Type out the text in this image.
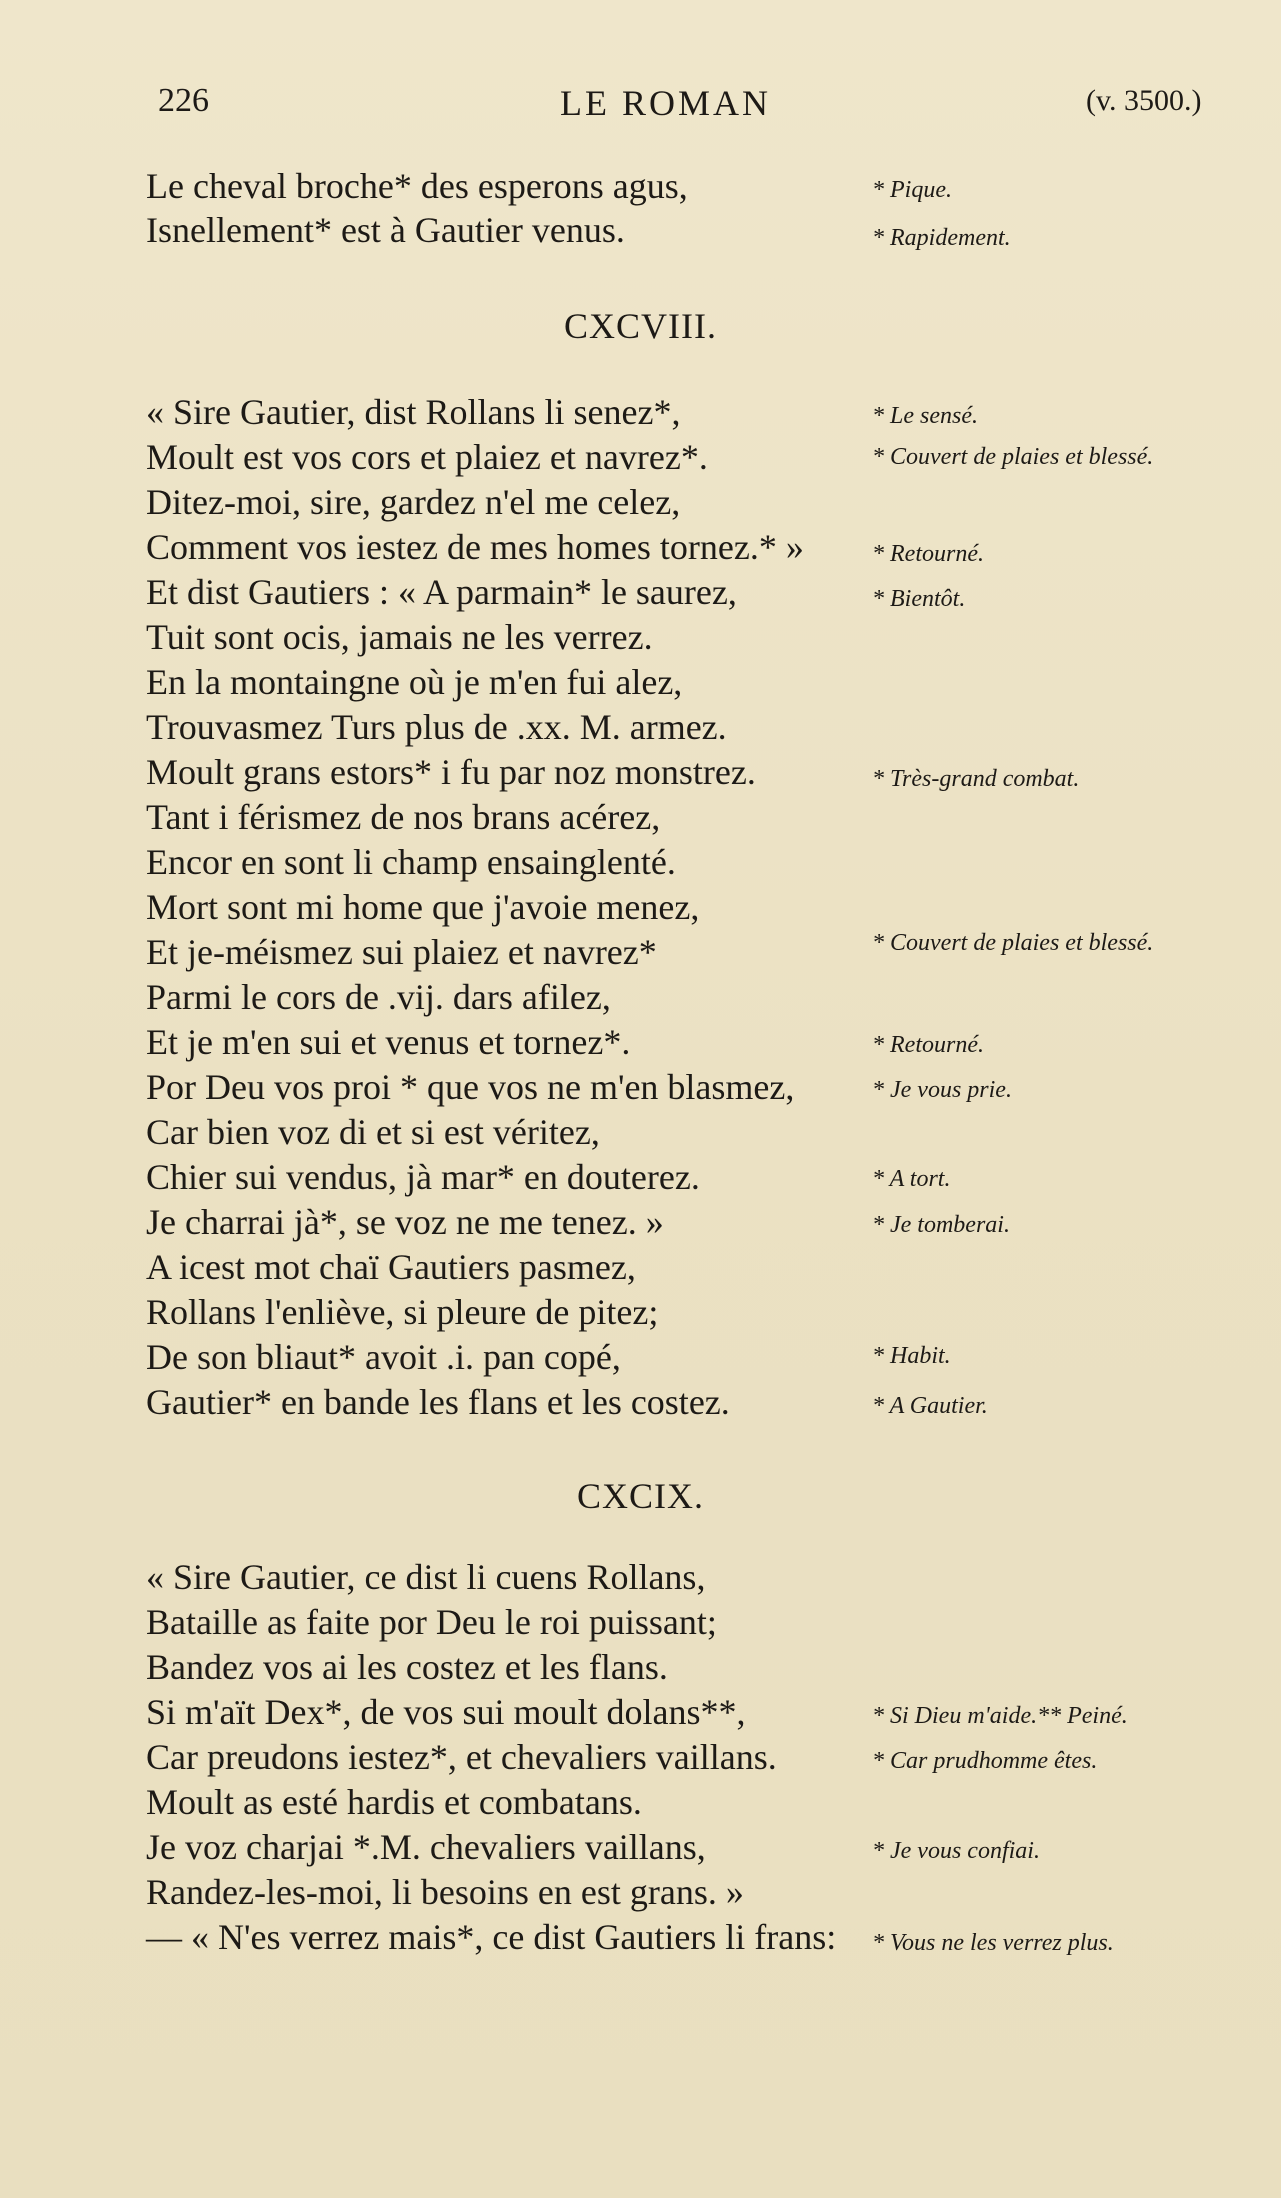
226	LE ROMAN	(v. 3500.)
Le cheval broche* des esperons agus,
Isnellement* est à Gautier venus.
CXCVIII.
« Sire Gautier, dist Rollans li senez*,
Moult est vos cors et plaiez et navrez*.
Ditez-moi, sire, gardez n'el me celez,
Comment vos iestez de mes homes tornez.* »
Et dist Gautiers : « A parmain* le saurez,
Tuit sont ocis, jamais ne les verrez.
En la montaingne où je m'en fui alez,
Trouvasmez Turs plus de .xx. M. armez.
Moult grans estors* i fu par noz monstrez.
Tant i férismez de nos brans acérez,
Encor en sont li champ ensainglenté.
Mort sont mi home que j'avoie menez,
Et je-méismez sui plaiez et navrez*
Parmi le cors de .vij. dars afilez,
Et je m'en sui et venus et tornez*.
Por Deu vos proi * que vos ne m'en blasmez,
Car bien voz di et si est véritez,
Chier sui vendus, jà mar* en douterez.
Je charrai jà*, se voz ne me tenez. »
A icest mot chaï Gautiers pasmez,
Rollans l'enliève, si pleure de pitez;
De son bliaut* avoit .i. pan copé,
Gautier* en bande les flans et les costez.
CXCIX.
« Sire Gautier, ce dist li cuens Rollans,
Bataille as faite por Deu le roi puissant;
Bandez vos ai les costez et les flans.
Si m'aït Dex*, de vos sui moult dolans**,
Car preudons iestez*, et chevaliers vaillans.
Moult as esté hardis et combatans.
Je voz charjai *.M. chevaliers vaillans,
Randez-les-moi, li besoins en est grans. »
— « N'es verrez mais*, ce dist Gautiers li frans:
* Pique.
* Rapidement.
* Le sensé.
* Couvert de plaies et blessé.
* Retourné.
* Bientôt.
* Très-grand combat.
* Couvert de plaies et blessé.
* Retourné.
* Je vous prie.
* A tort.
* Je tomberai.
* Habit.
* A Gautier.
* Si Dieu m'aide.** Peiné.
* Car prudhomme êtes.
* Je vous confiai.
* Vous ne les verrez plus.
